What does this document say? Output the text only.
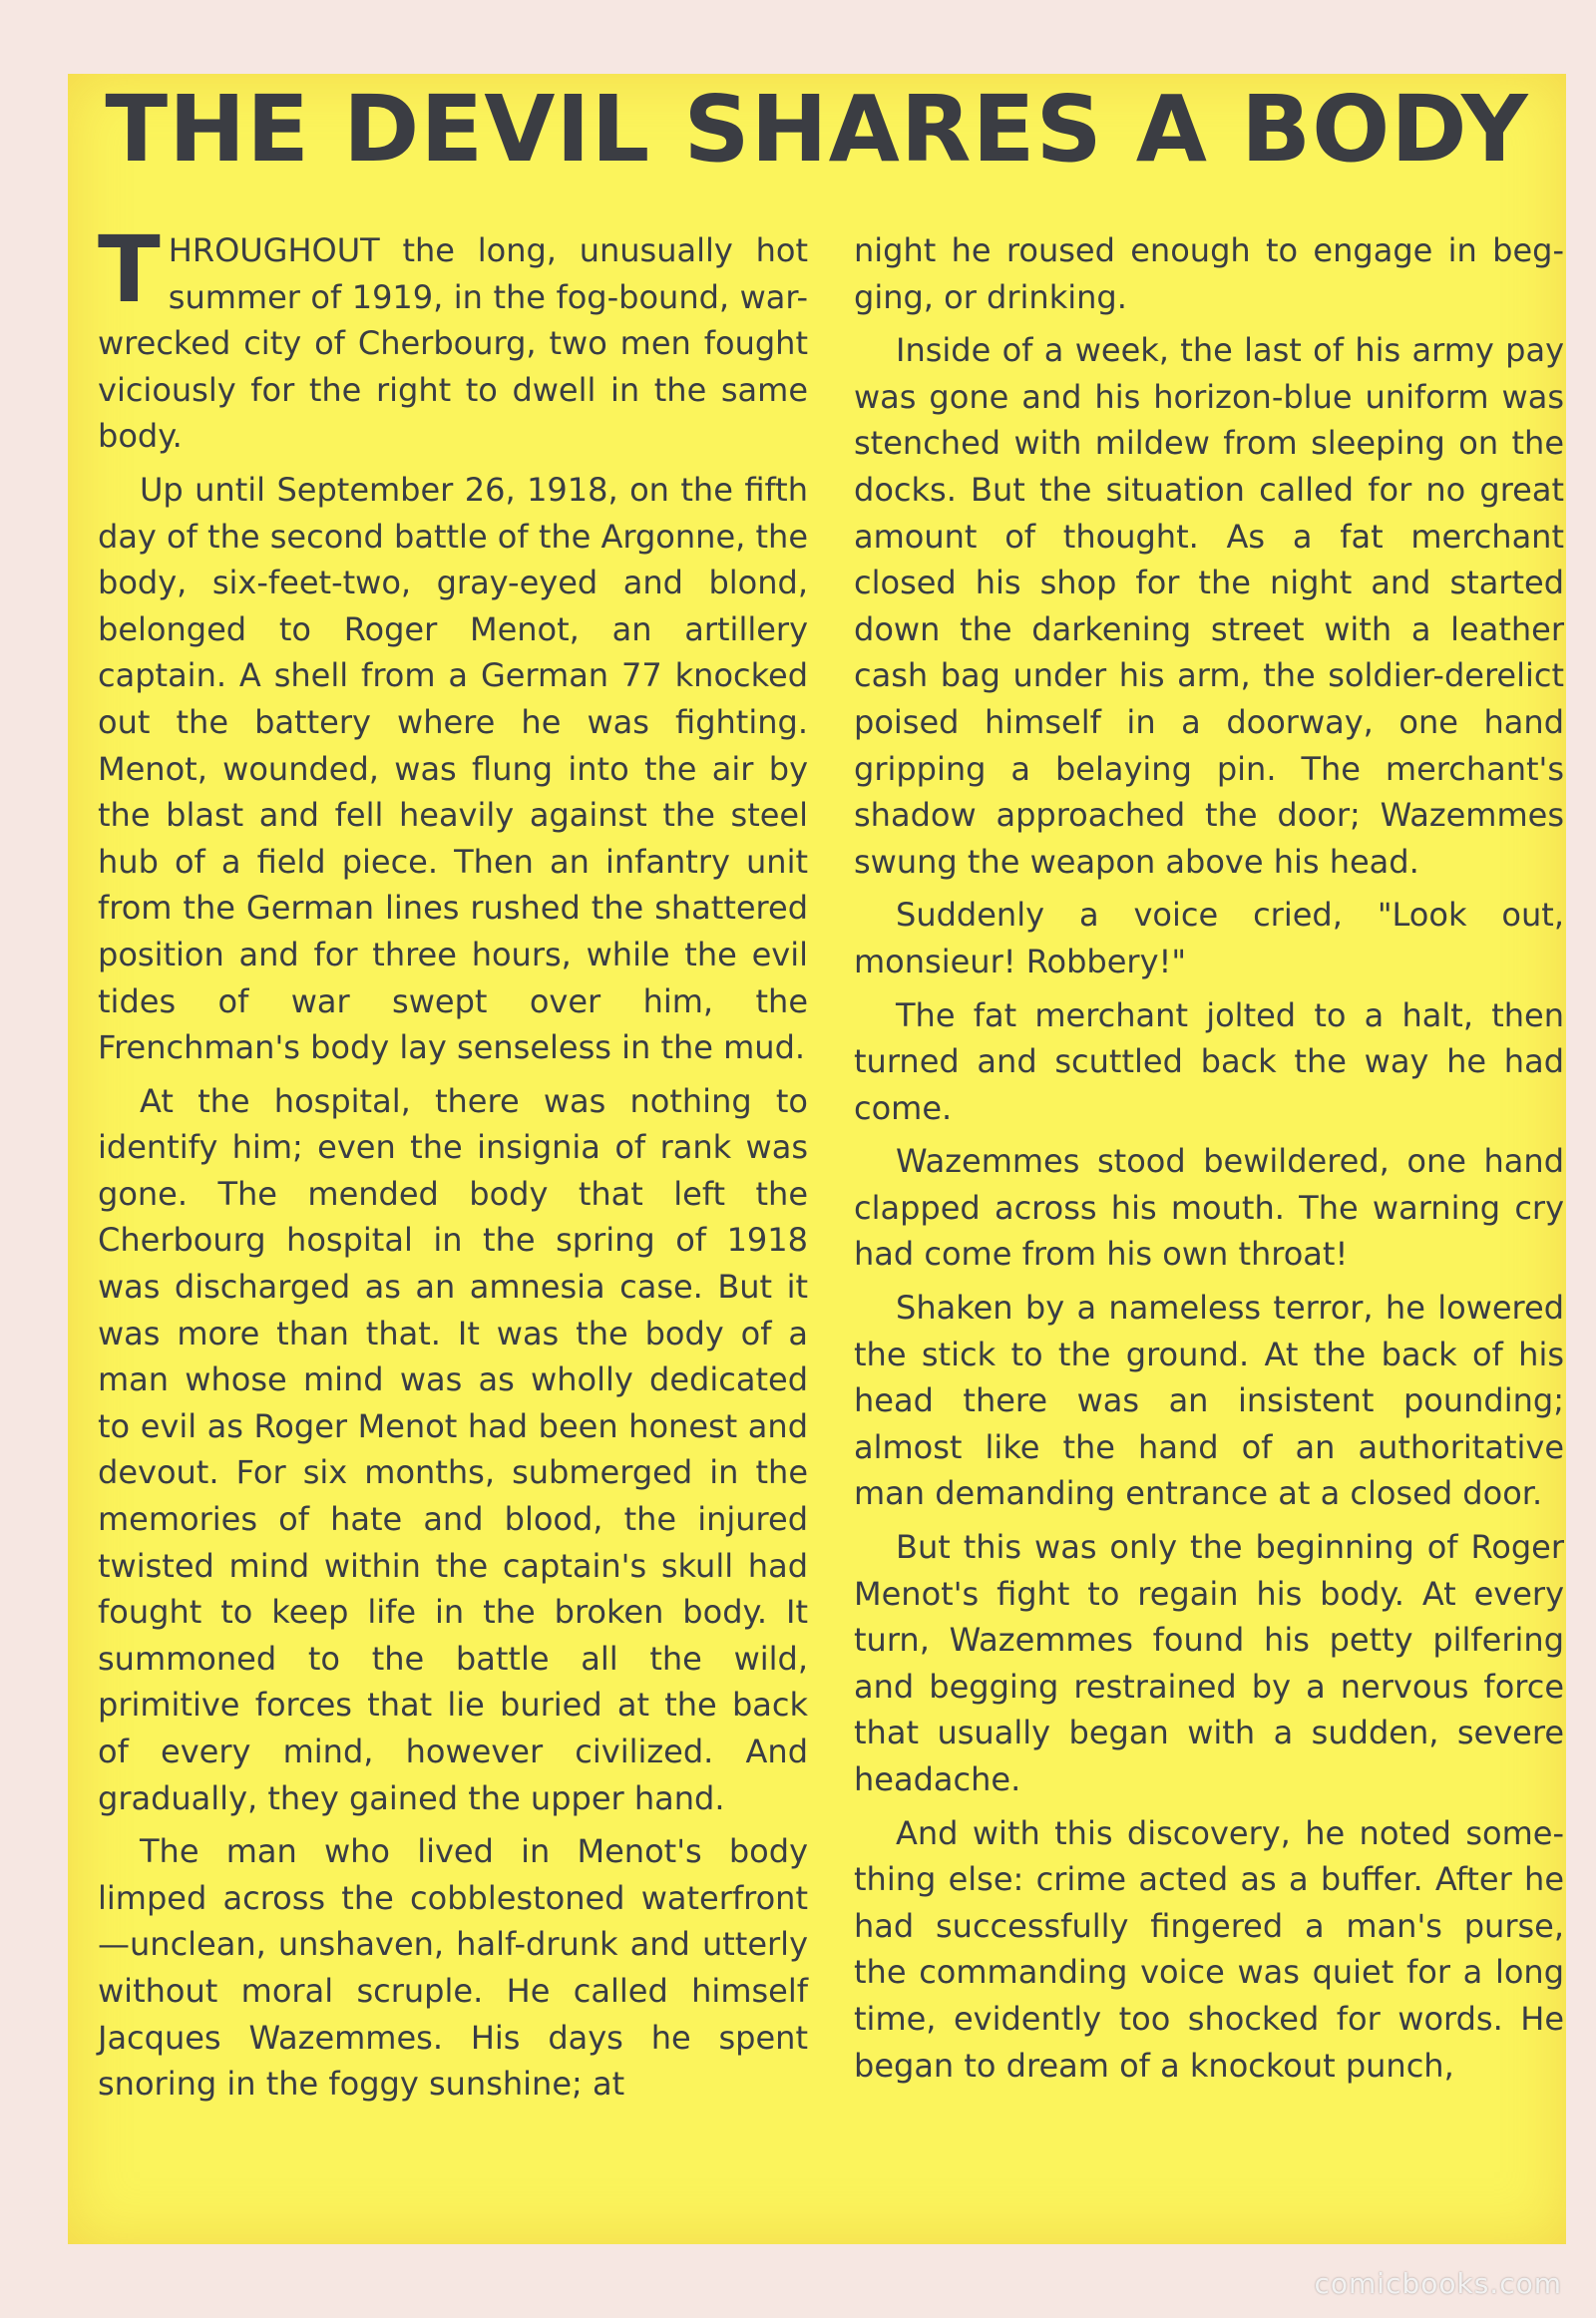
THE DEVIL SHARES A BODY

THROUGHOUT the long, unusually hot summer of 1919, in the fog-bound, war-wrecked city of Cherbourg, two men fought viciously for the right to dwell in the same body.

Up until September 26, 1918, on the fifth day of the second battle of the Argonne, the body, six-feet-two, gray-eyed and blond, belonged to Roger Menot, an artillery captain. A shell from a German 77 knocked out the battery where he was fighting. Menot, wounded, was flung into the air by the blast and fell heavily against the steel hub of a field piece. Then an infantry unit from the German lines rushed the shattered position and for three hours, while the evil tides of war swept over him, the Frenchman's body lay senseless in the mud.

At the hospital, there was nothing to identify him; even the insignia of rank was gone. The mended body that left the Cherbourg hospital in the spring of 1918 was discharged as an amnesia case. But it was more than that. It was the body of a man whose mind was as wholly dedicated to evil as Roger Menot had been honest and devout. For six months, submerged in the memories of hate and blood, the injured twisted mind within the captain's skull had fought to keep life in the broken body. It summoned to the battle all the wild, primitive forces that lie buried at the back of every mind, however civilized. And gradually, they gained the upper hand.

The man who lived in Menot's body limped across the cobblestoned waterfront—unclean, unshaven, half-drunk and utterly without moral scruple. He called himself Jacques Wazemmes. His days he spent snoring in the foggy sunshine; at

night he roused enough to engage in begging, or drinking.

Inside of a week, the last of his army pay was gone and his horizon-blue uniform was stenched with mildew from sleeping on the docks. But the situation called for no great amount of thought. As a fat merchant closed his shop for the night and started down the darkening street with a leather cash bag under his arm, the soldier-derelict poised himself in a doorway, one hand gripping a belaying pin. The merchant's shadow approached the door; Wazemmes swung the weapon above his head.

Suddenly a voice cried, "Look out, monsieur! Robbery!"

The fat merchant jolted to a halt, then turned and scuttled back the way he had come.

Wazemmes stood bewildered, one hand clapped across his mouth. The warning cry had come from his own throat!

Shaken by a nameless terror, he lowered the stick to the ground. At the back of his head there was an insistent pounding; almost like the hand of an authoritative man demanding entrance at a closed door.

But this was only the beginning of Roger Menot's fight to regain his body. At every turn, Wazemmes found his petty pilfering and begging restrained by a nervous force that usually began with a sudden, severe headache.

And with this discovery, he noted something else: crime acted as a buffer. After he had successfully fingered a man's purse, the commanding voice was quiet for a long time, evidently too shocked for words. He began to dream of a knockout punch,

comicbooks.com
